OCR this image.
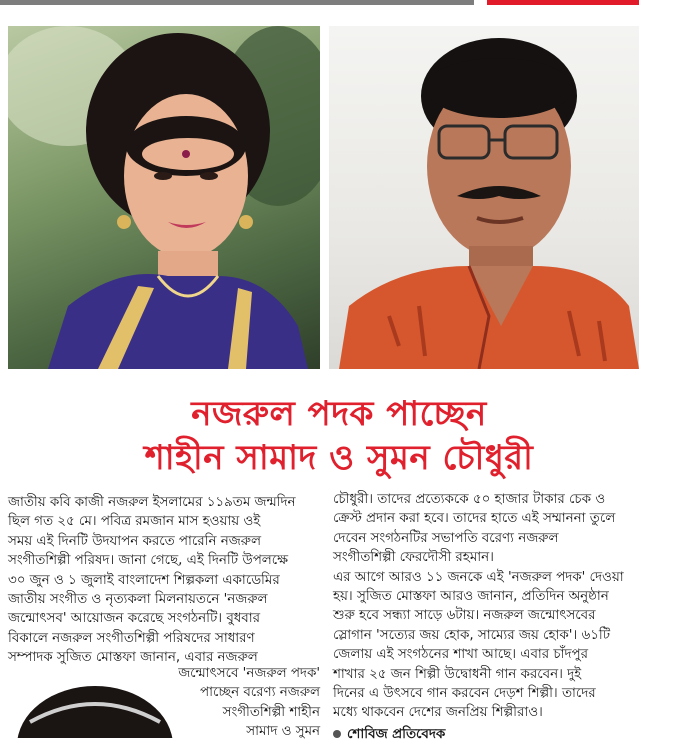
নজরুল পদক পাচ্ছেন
শাহীন সামাদ ও সুমন চৌধুরী

জাতীয় কবি কাজী নজরুল ইসলামের ১১৯তম জন্মদিন

ছিল গত ২৫ মে। পবিত্র রমজান মাস হওয়ায় ওই

সময় এই দিনটি উদযাপন করতে পারেনি নজরুল

সংগীতশিল্পী পরিষদ। জানা গেছে, এই দিনটি উপলক্ষে

৩০ জুন ও ১ জুলাই বাংলাদেশ শিল্পকলা একাডেমির

জাতীয় সংগীত ও নৃত্যকলা মিলনায়তনে 'নজরুল

জন্মোৎসব' আয়োজন করেছে সংগঠনটি। বুধবার

বিকালে নজরুল সংগীতশিল্পী পরিষদের সাধারণ

সম্পাদক সুজিত মোস্তফা জানান, এবার নজরুল

জন্মোৎসবে 'নজরুল পদক'

পাচ্ছেন বরেণ্য নজরুল

সংগীতশিল্পী শাহীন

সামাদ ও সুমন

চৌধুরী। তাদের প্রত্যেককে ৫০ হাজার টাকার চেক ও

ক্রেস্ট প্রদান করা হবে। তাদের হাতে এই সম্মাননা তুলে

দেবেন সংগঠনটির সভাপতি বরেণ্য নজরুল

সংগীতশিল্পী ফেরদৌসী রহমান।

এর আগে আরও ১১ জনকে এই 'নজরুল পদক' দেওয়া

হয়। সুজিত মোস্তফা আরও জানান, প্রতিদিন অনুষ্ঠান

শুরু হবে সন্ধ্যা সাড়ে ৬টায়। নজরুল জন্মোৎসবের

স্লোগান 'সত্যের জয় হোক, সাম্যের জয় হোক'। ৬১টি

জেলায় এই সংগঠনের শাখা আছে। এবার চাঁদপুর

শাখার ২৫ জন শিল্পী উদ্বোধনী গান করবেন। দুই

দিনের এ উৎসবে গান করবেন দেড়শ শিল্পী। তাদের

মধ্যে থাকবেন দেশের জনপ্রিয় শিল্পীরাও।

শোবিজ প্রতিবেদক
